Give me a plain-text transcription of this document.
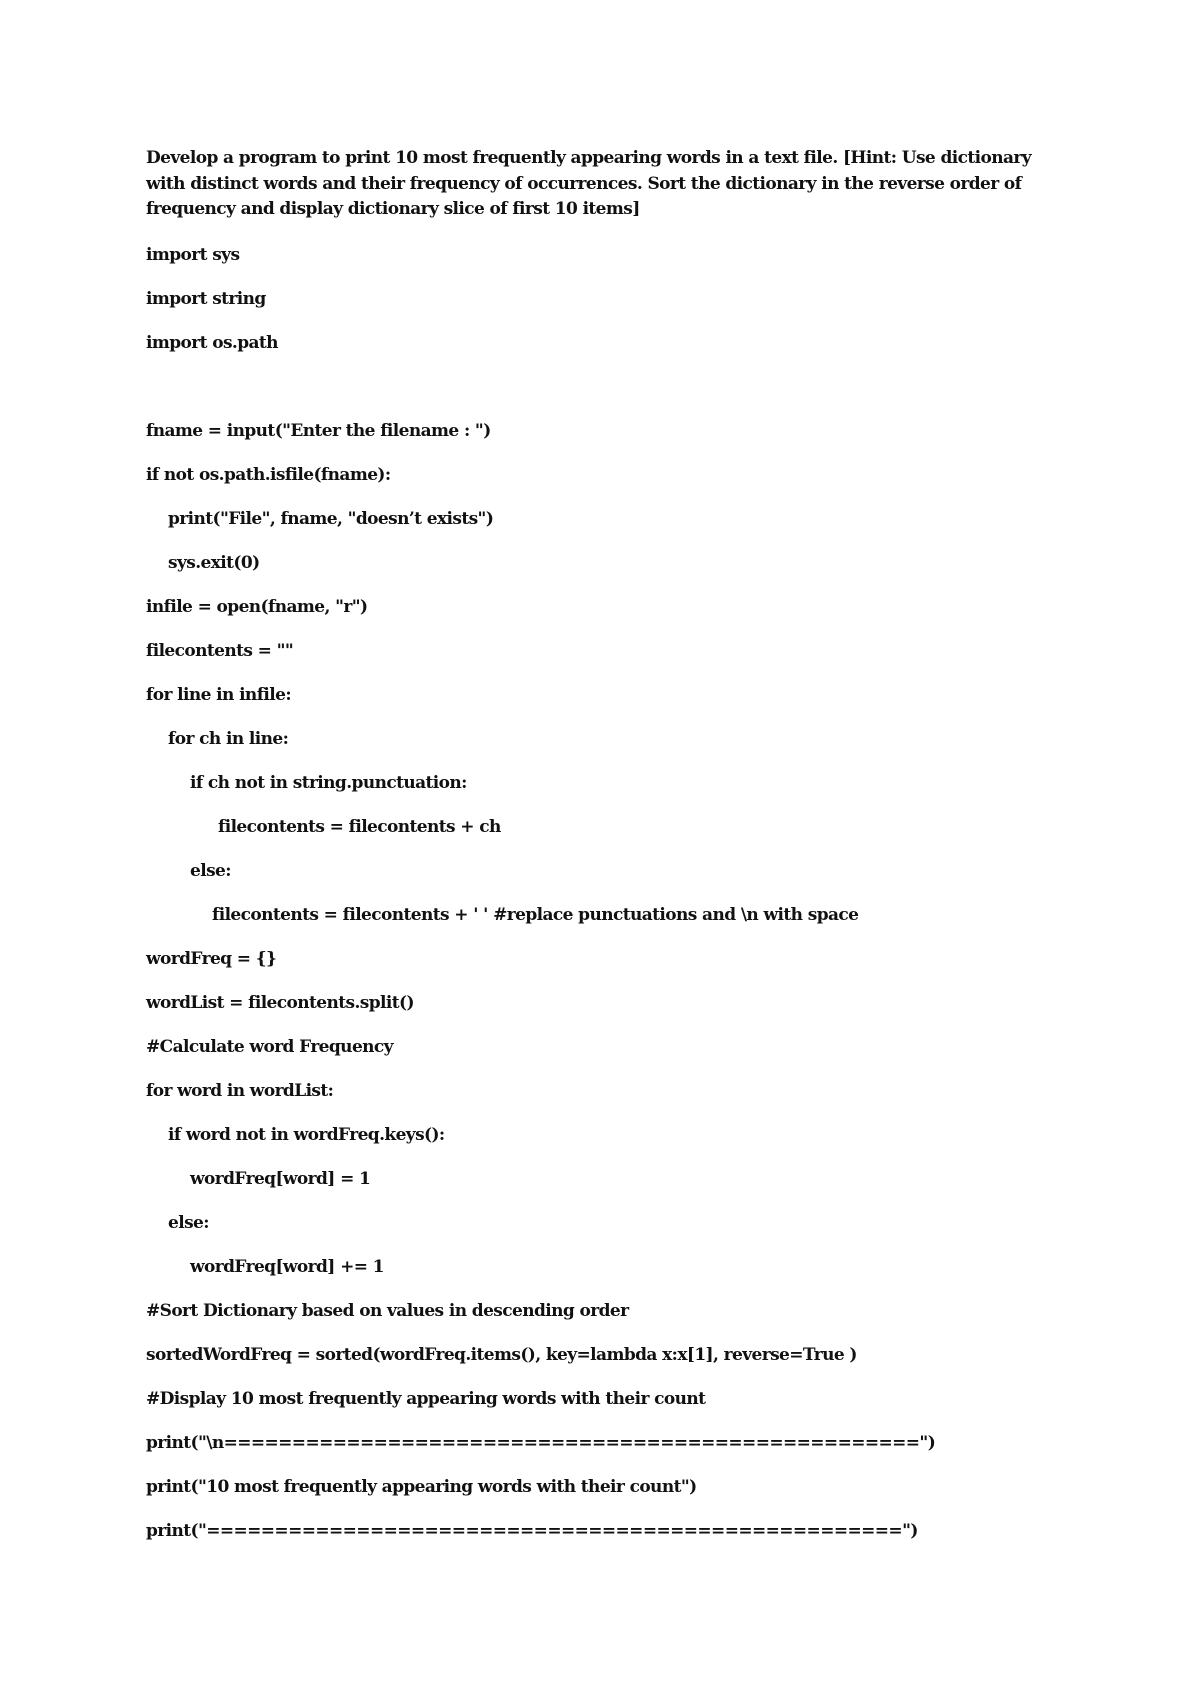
Develop a program to print 10 most frequently appearing words in a text file. [Hint: Use dictionary with distinct words and their frequency of occurrences. Sort the dictionary in the reverse order of frequency and display dictionary slice of first 10 items]

import sys
import string
import os.path
fname = input("Enter the filename : ")
if not os.path.isfile(fname):
print("File", fname, "doesn’t exists")
sys.exit(0)
infile = open(fname, "r")
filecontents = ""
for line in infile:
for ch in line:
if ch not in string.punctuation:
filecontents = filecontents + ch
else:
filecontents = filecontents + ' ' #replace punctuations and \n with space
wordFreq = {}
wordList = filecontents.split()
#Calculate word Frequency
for word in wordList:
if word not in wordFreq.keys():
wordFreq[word] = 1
else:
wordFreq[word] += 1
#Sort Dictionary based on values in descending order
sortedWordFreq = sorted(wordFreq.items(), key=lambda x:x[1], reverse=True )
#Display 10 most frequently appearing words with their count
print("\n===================================================")
print("10 most frequently appearing words with their count")
print("===================================================")
